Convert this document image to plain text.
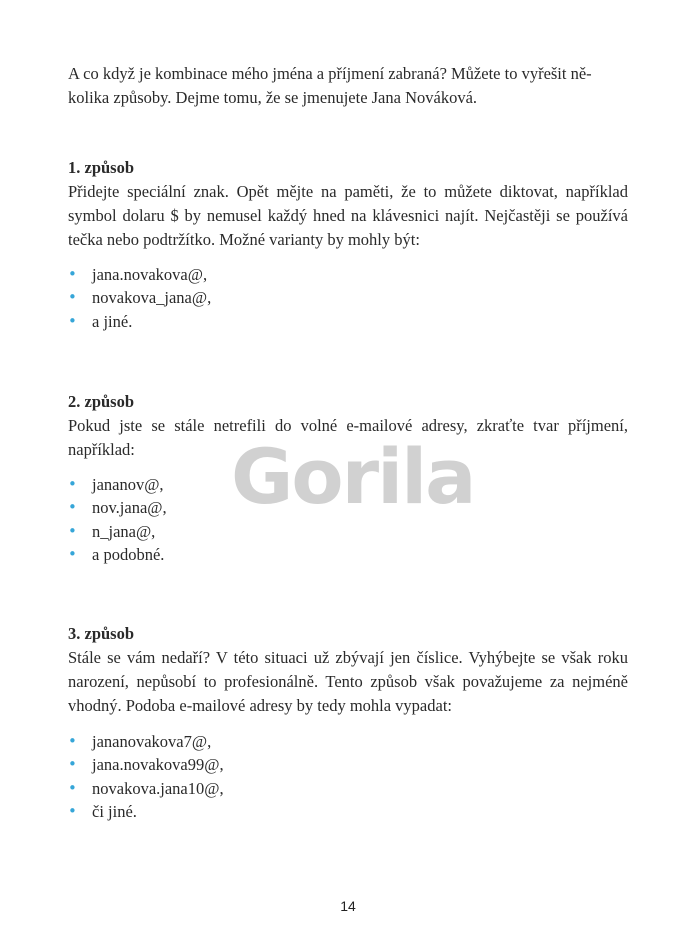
A co když je kombinace mého jména a příjmení zabraná? Můžete to vyřešit ně-
kolika způsoby. Dejme tomu, že se jmenujete Jana Nováková.

1. způsob

Přidejte speciální znak. Opět mějte na paměti, že to můžete diktovat, například symbol dolaru $ by nemusel každý hned na klávesnici najít. Nejčastěji se používá tečka nebo podtržítko. Možné varianty by mohly být:

• jana.novakova@,
• novakova_jana@,
• a jiné.

2. způsob

Pokud jste se stále netrefili do volné e-mailové adresy, zkraťte tvar příjmení, například:

• jananov@,
• nov.jana@,
• n_jana@,
• a podobné.

3. způsob

Stále se vám nedaří? V této situaci už zbývají jen číslice. Vyhýbejte se však roku narození, nepůsobí to profesionálně. Tento způsob však považujeme za nejméně vhodný. Podoba e-mailové adresy by tedy mohla vypadat:

• jananovakova7@,
• jana.novakova99@,
• novakova.jana10@,
• či jiné.
Gorila
14
